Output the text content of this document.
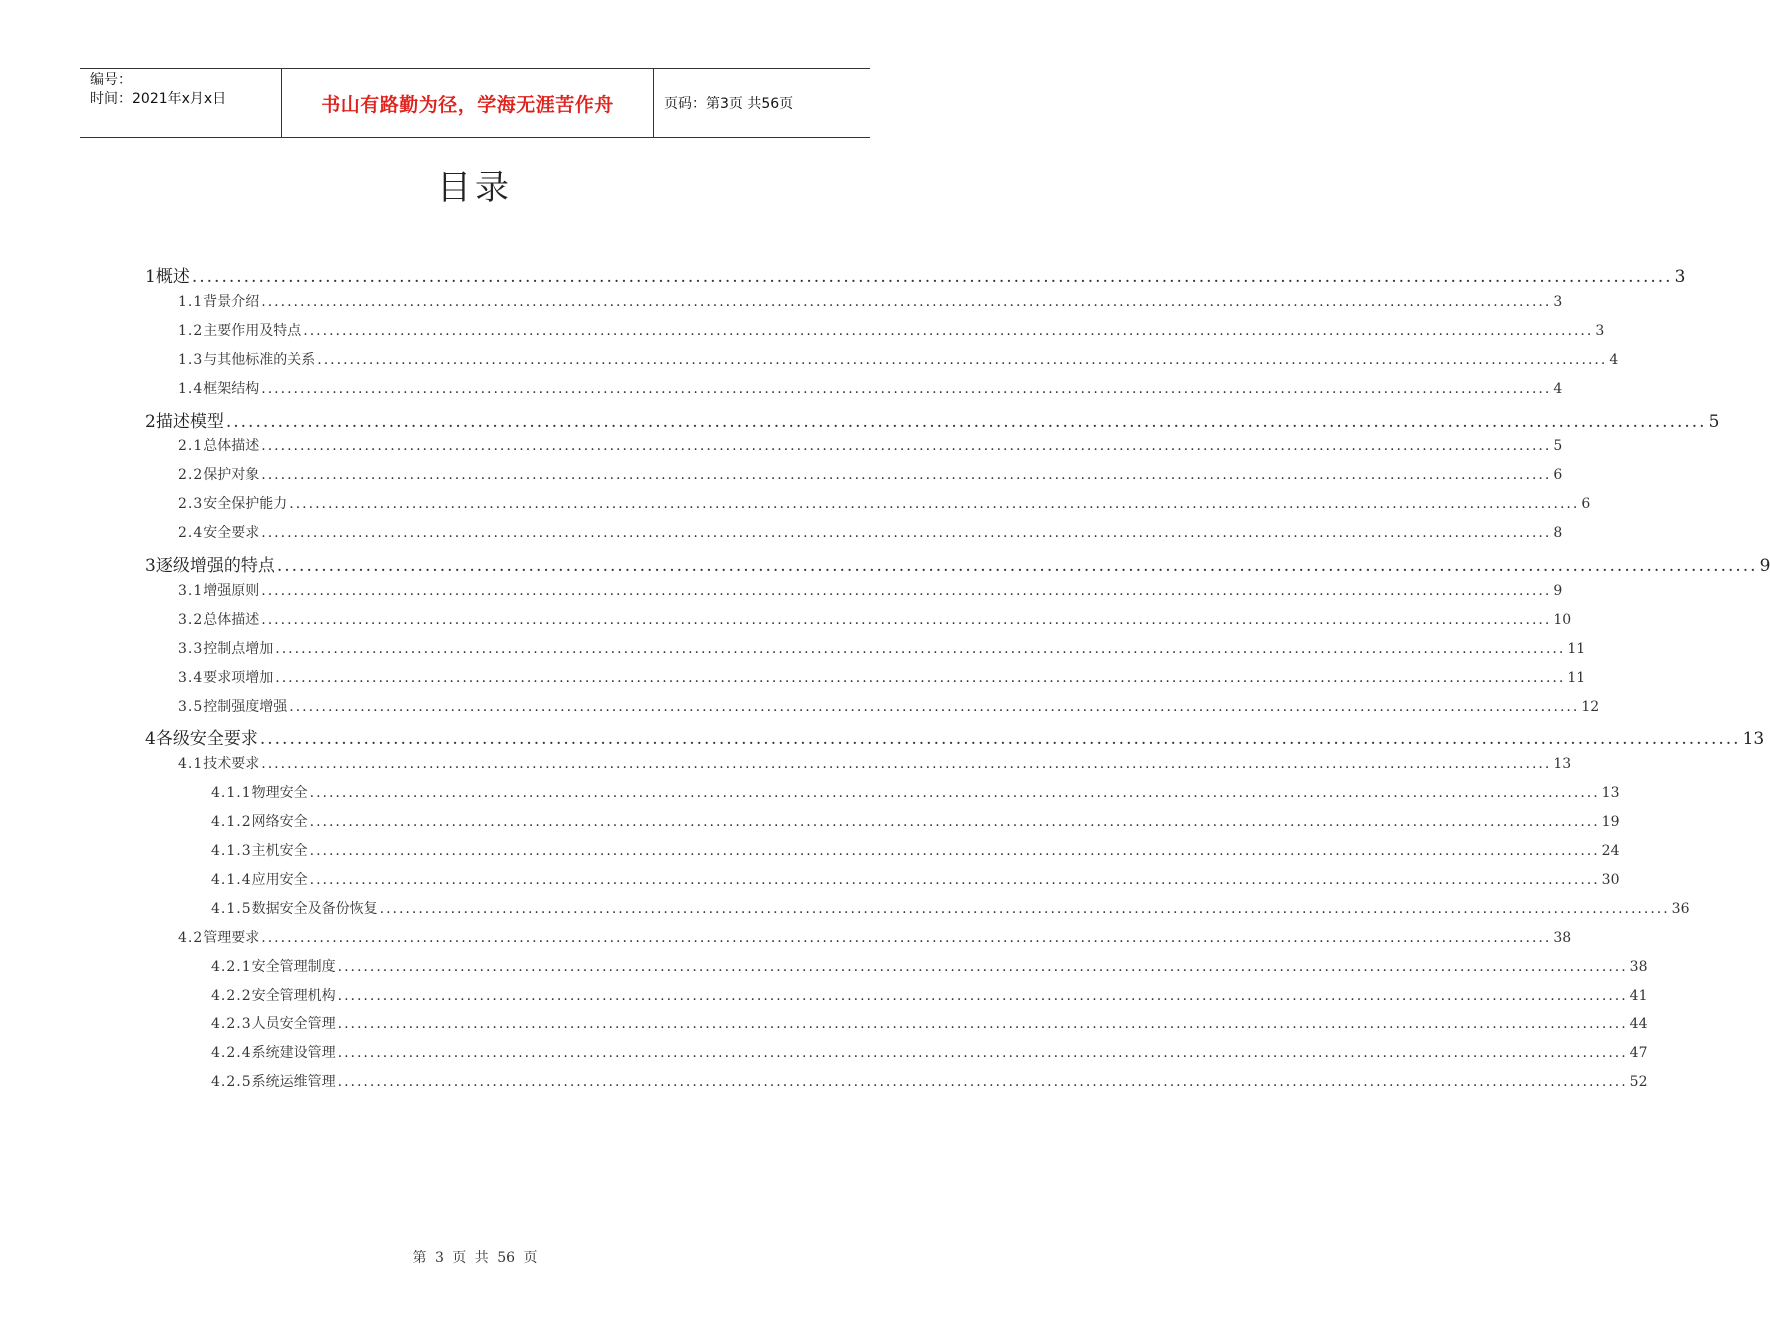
编号：
时间：2021年x月x日	书山有路勤为径，学海无涯苦作舟	页码：第3页 共56页
目录
1 概述 ........................................................................................................................................................................................................ 3
1.1 背景介绍 ........................................................................................................................................................................................................ 3
1.2 主要作用及特点 ........................................................................................................................................................................................................ 3
1.3 与其他标准的关系 ........................................................................................................................................................................................................ 4
1.4 框架结构 ........................................................................................................................................................................................................ 4
2 描述模型 ........................................................................................................................................................................................................ 5
2.1 总体描述 ........................................................................................................................................................................................................ 5
2.2 保护对象 ........................................................................................................................................................................................................ 6
2.3 安全保护能力 ........................................................................................................................................................................................................ 6
2.4 安全要求 ........................................................................................................................................................................................................ 8
3 逐级增强的特点 ........................................................................................................................................................................................................ 9
3.1 增强原则 ........................................................................................................................................................................................................ 9
3.2 总体描述 ........................................................................................................................................................................................................ 10
3.3 控制点增加 ........................................................................................................................................................................................................ 11
3.4 要求项增加 ........................................................................................................................................................................................................ 11
3.5 控制强度增强 ........................................................................................................................................................................................................ 12
4 各级安全要求 ........................................................................................................................................................................................................ 13
4.1 技术要求 ........................................................................................................................................................................................................ 13
4.1.1 物理安全 ........................................................................................................................................................................................................ 13
4.1.2 网络安全 ........................................................................................................................................................................................................ 19
4.1.3 主机安全 ........................................................................................................................................................................................................ 24
4.1.4 应用安全 ........................................................................................................................................................................................................ 30
4.1.5 数据安全及备份恢复 ........................................................................................................................................................................................................ 36
4.2 管理要求 ........................................................................................................................................................................................................ 38
4.2.1 安全管理制度 ........................................................................................................................................................................................................ 38
4.2.2 安全管理机构 ........................................................................................................................................................................................................ 41
4.2.3 人员安全管理 ........................................................................................................................................................................................................ 44
4.2.4 系统建设管理 ........................................................................................................................................................................................................ 47
4.2.5 系统运维管理 ........................................................................................................................................................................................................ 52
第 3 页 共 56 页
